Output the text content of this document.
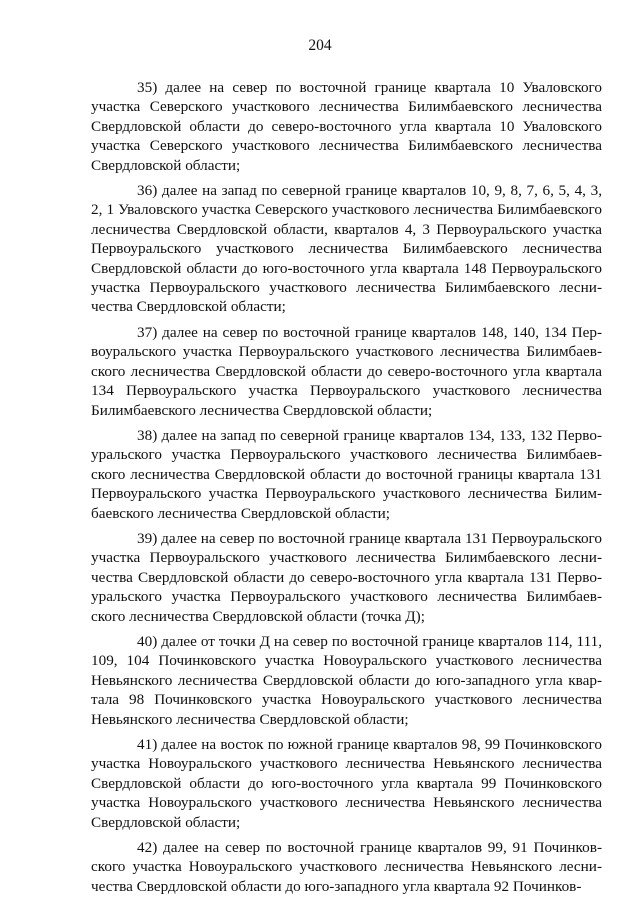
204

35) далее на север по восточной границе квартала 10 Уваловского участка Северского участкового лесничества Билимбаевского лесничества Свердловской области до северо-восточного угла квартала 10 Уваловского участка Северского участкового лесничества Билимбаевского лесничества Свердловской области;

36) далее на запад по северной границе кварталов 10, 9, 8, 7, 6, 5, 4, 3, 2, 1 Уваловского участка Северского участкового лесничества Билимбаевского лесничества Свердловской области, кварталов 4, 3 Первоуральского участка Первоуральского участкового лесничества Билимбаевского лесничества Свердловской области до юго-восточного угла квартала 148 Первоуральского участка Первоуральского участкового лесничества Билимбаевского лесничества Свердловской области;

37) далее на север по восточной границе кварталов 148, 140, 134 Первоуральского участка Первоуральского участкового лесничества Билимбаевского лесничества Свердловской области до северо-восточного угла квартала 134 Первоуральского участка Первоуральского участкового лесничества Билимбаевского лесничества Свердловской области;

38) далее на запад по северной границе кварталов 134, 133, 132 Первоуральского участка Первоуральского участкового лесничества Билимбаевского лесничества Свердловской области до восточной границы квартала 131 Первоуральского участка Первоуральского участкового лесничества Билимбаевского лесничества Свердловской области;

39) далее на север по восточной границе квартала 131 Первоуральского участка Первоуральского участкового лесничества Билимбаевского лесничества Свердловской области до северо-восточного угла квартала 131 Первоуральского участка Первоуральского участкового лесничества Билимбаевского лесничества Свердловской области (точка Д);

40) далее от точки Д на север по восточной границе кварталов 114, 111, 109, 104 Починковского участка Новоуральского участкового лесничества Невьянского лесничества Свердловской области до юго-западного угла квартала 98 Починковского участка Новоуральского участкового лесничества Невьянского лесничества Свердловской области;

41) далее на восток по южной границе кварталов 98, 99 Починковского участка Новоуральского участкового лесничества Невьянского лесничества Свердловской области до юго-восточного угла квартала 99 Починковского участка Новоуральского участкового лесничества Невьянского лесничества Свердловской области;

42) далее на север по восточной границе кварталов 99, 91 Починковского участка Новоуральского участкового лесничества Невьянского лесничества Свердловской области до юго-западного угла квартала 92 Починков-
